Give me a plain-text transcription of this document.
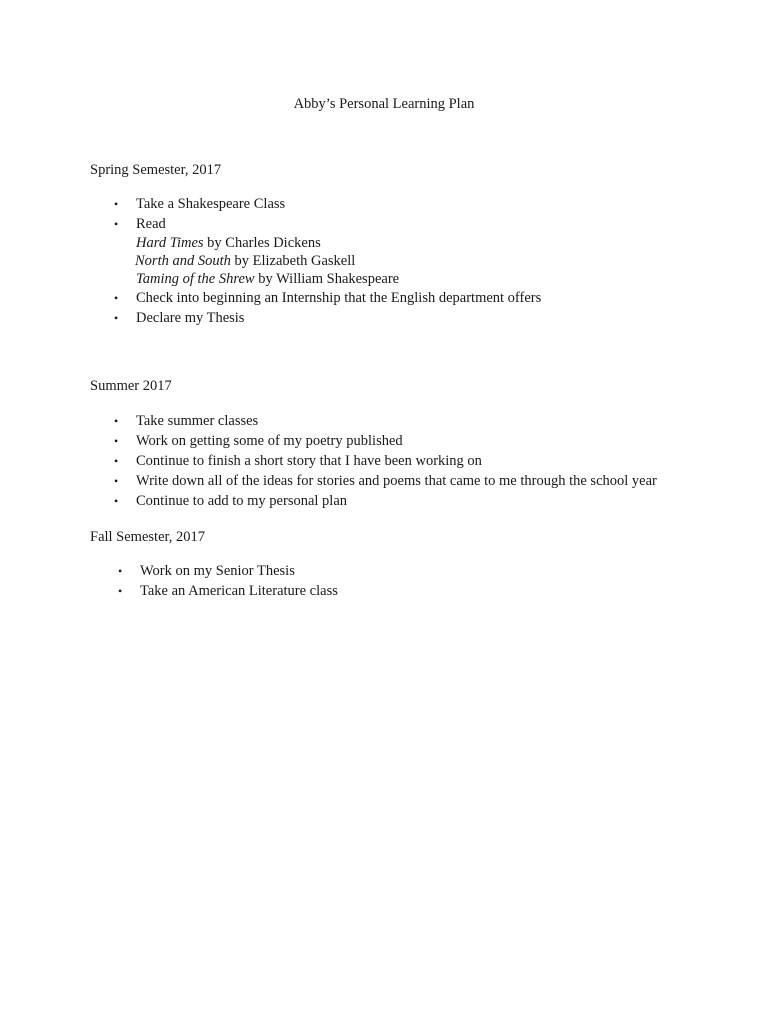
Abby’s Personal Learning Plan
Spring Semester, 2017
• Take a Shakespeare Class
• Read
Hard Times by Charles Dickens
North and South by Elizabeth Gaskell
Taming of the Shrew by William Shakespeare
• Check into beginning an Internship that the English department offers
• Declare my Thesis
Summer 2017
• Take summer classes
• Work on getting some of my poetry published
• Continue to finish a short story that I have been working on
• Write down all of the ideas for stories and poems that came to me through the school year
• Continue to add to my personal plan
Fall Semester, 2017
• Work on my Senior Thesis
• Take an American Literature class
